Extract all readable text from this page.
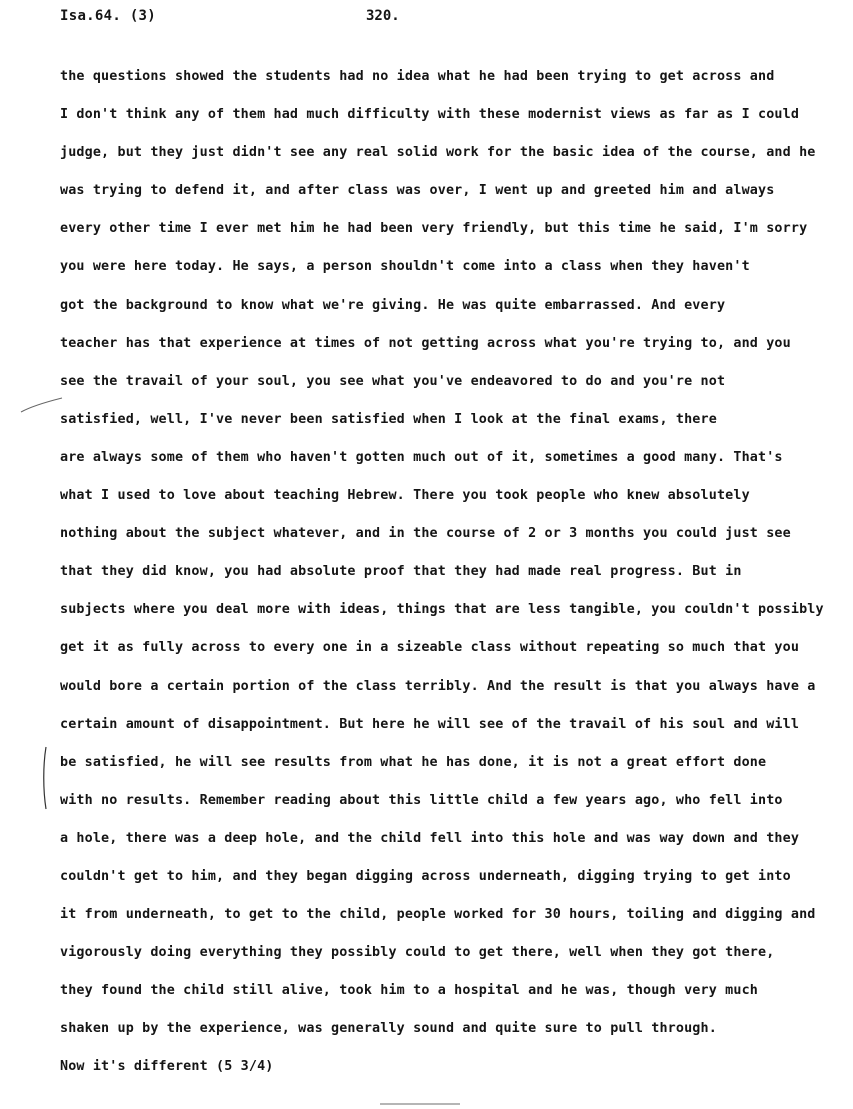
Isa.64. (3)	320.
the questions showed the students had no idea what he had been trying to get across and
I don't think any of them had much difficulty with these modernist views as far as I could
judge, but they just didn't see any real solid work for the basic idea of the course, and he
was trying to defend it, and after class was over, I went up and greeted him and always
every other time I ever met him he had been very friendly, but this time he said, I'm sorry
you were here today. He says, a person shouldn't come into a class when they haven't
got the background to know what we're giving. He was quite embarrassed. And every
teacher has that experience at times of not getting across what you're trying to, and you
see the travail of your soul, you see what you've endeavored to do and you're not
satisfied, well, I've never been satisfied when I look at the final exams, there
are always some of them who haven't gotten much out of it, sometimes a good many. That's
what I used to love about teaching Hebrew. There you took people who knew absolutely
nothing about the subject whatever, and in the course of 2 or 3 months you could just see
that they did know, you had absolute proof that they had made real progress. But in
subjects where you deal more with ideas, things that are less tangible, you couldn't possibly
get it as fully across to every one in a sizeable class without repeating so much that you
would bore a certain portion of the class terribly. And the result is that you always have a
certain amount of disappointment. But here he will see of the travail of his soul and will
be satisfied, he will see results from what he has done, it is not a great effort done
with no results. Remember reading about this little child a few years ago, who fell into
a hole, there was a deep hole, and the child fell into this hole and was way down and they
couldn't get to him, and they began digging across underneath, digging trying to get into
it from underneath, to get to the child, people worked for 30 hours, toiling and digging and
vigorously doing everything they possibly could to get there, well when they got there,
they found the child still alive, took him to a hospital and he was, though very much
shaken up by the experience, was generally sound and quite sure to pull through.
Now it's different (5 3/4)
